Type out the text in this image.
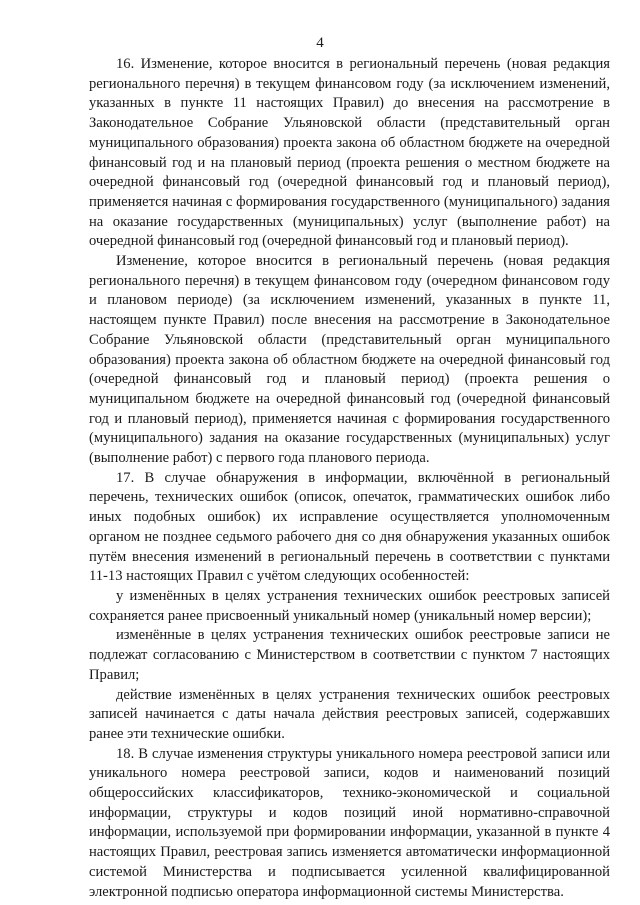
4

16. Изменение, которое вносится в региональный перечень (новая редакция регионального перечня) в текущем финансовом году (за исключением изменений, указанных в пункте 11 настоящих Правил) до внесения на рассмотрение в Законодательное Собрание Ульяновской области (представительный орган муниципального образования) проекта закона об областном бюджете на очередной финансовый год и на плановый период (проекта решения о местном бюджете на очередной финансовый год (очередной финансовый год и плановый период), применяется начиная с формирования государственного (муниципального) задания на оказание государственных (муниципальных) услуг (выполнение работ) на очередной финансовый год (очередной финансовый год и плановый период).

Изменение, которое вносится в региональный перечень (новая редакция регионального перечня) в текущем финансовом году (очередном финансовом году и плановом периоде) (за исключением изменений, указанных в пункте 11, настоящем пункте Правил) после внесения на рассмотрение в Законодательное Собрание Ульяновской области (представительный орган муниципального образования) проекта закона об областном бюджете на очередной финансовый год (очередной финансовый год и плановый период) (проекта решения о муниципальном бюджете на очередной финансовый год (очередной финансовый год и плановый период), применяется начиная с формирования государственного (муниципального) задания на оказание государственных (муниципальных) услуг (выполнение работ) с первого года планового периода.

17. В случае обнаружения в информации, включённой в региональный перечень, технических ошибок (описок, опечаток, грамматических ошибок либо иных подобных ошибок) их исправление осуществляется уполномоченным органом не позднее седьмого рабочего дня со дня обнаружения указанных ошибок путём внесения изменений в региональный перечень в соответствии с пунктами 11-13 настоящих Правил с учётом следующих особенностей:

у изменённых в целях устранения технических ошибок реестровых записей сохраняется ранее присвоенный уникальный номер (уникальный номер версии);

изменённые в целях устранения технических ошибок реестровые записи не подлежат согласованию с Министерством в соответствии с пунктом 7 настоящих Правил;

действие изменённых в целях устранения технических ошибок реестровых записей начинается с даты начала действия реестровых записей, содержавших ранее эти технические ошибки.

18. В случае изменения структуры уникального номера реестровой записи или уникального номера реестровой записи, кодов и наименований позиций общероссийских классификаторов, технико-экономической и социальной информации, структуры и кодов позиций иной нормативно-справочной информации, используемой при формировании информации, указанной в пункте 4 настоящих Правил, реестровая запись изменяется автоматически информационной системой Министерства и подписывается усиленной квалифицированной электронной подписью оператора информационной системы Министерства.
